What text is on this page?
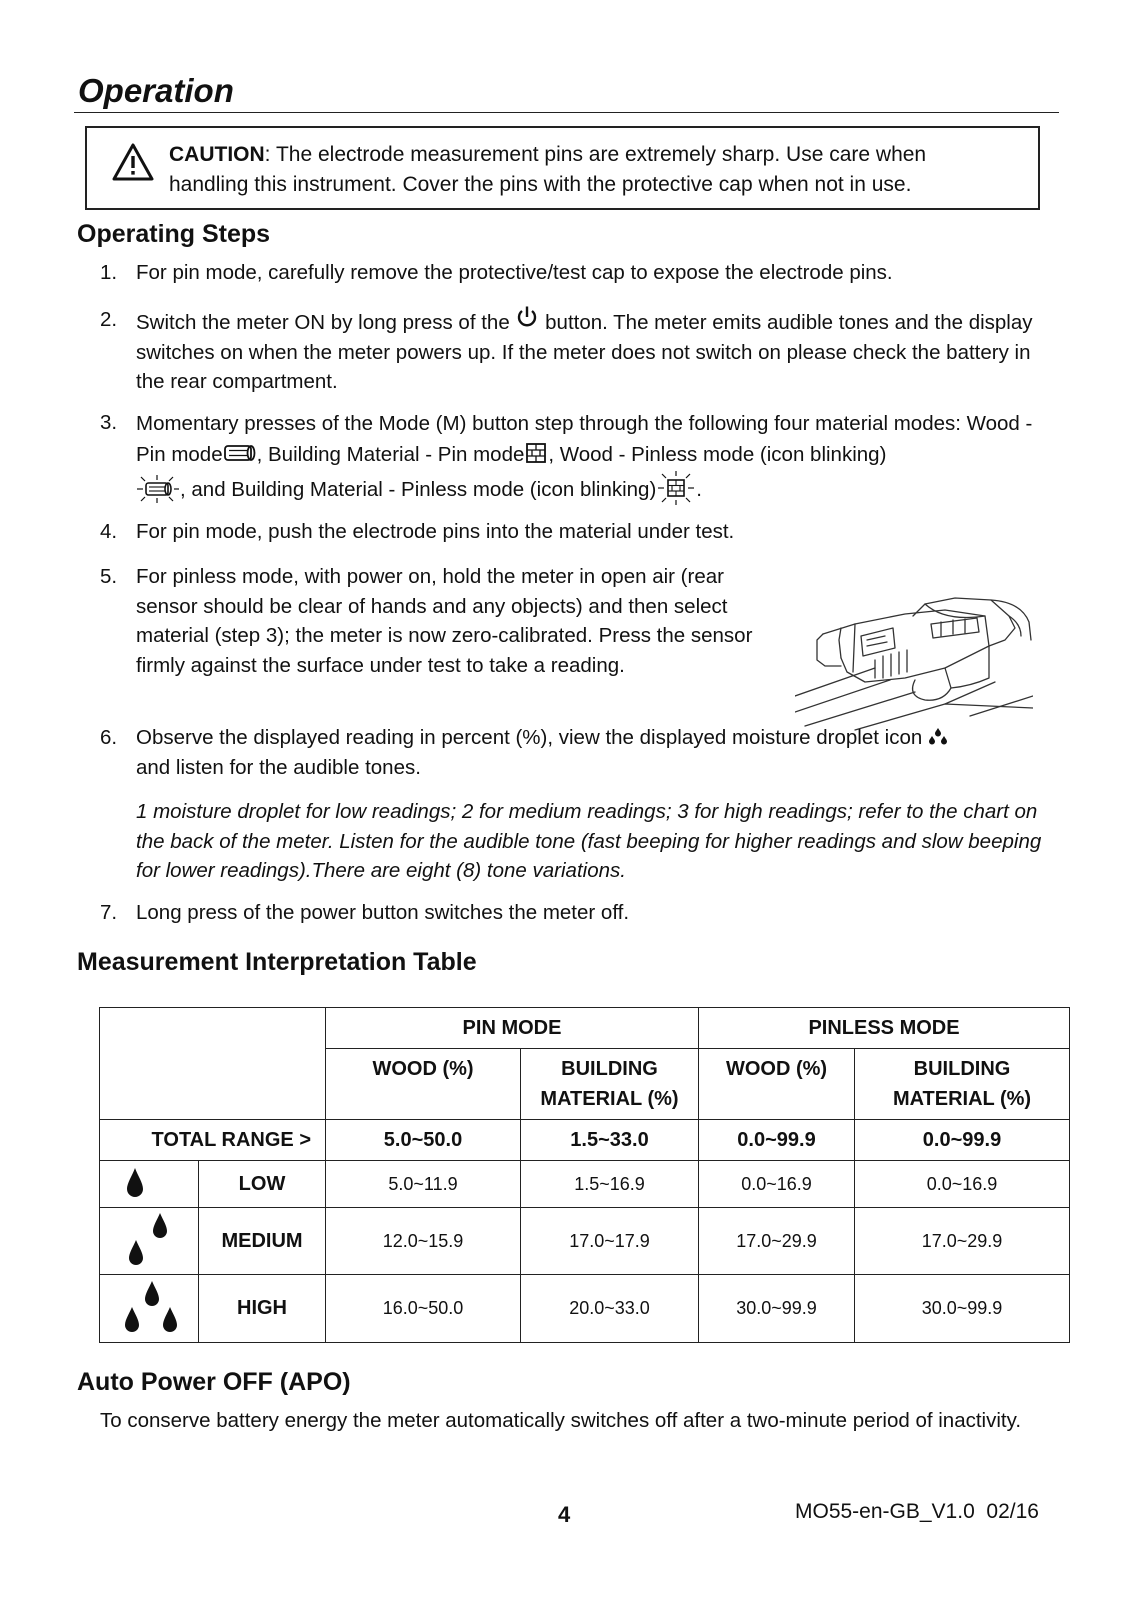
Operation
CAUTION: The electrode measurement pins are extremely sharp. Use care when
handling this instrument. Cover the pins with the protective cap when not in use.
Operating Steps
1. For pin mode, carefully remove the protective/test cap to expose the electrode pins.
2. Switch the meter ON by long press of the button. The meter emits audible tones and the display switches on when the meter powers up. If the meter does not switch on please check the battery in the rear compartment.
3. Momentary presses of the Mode (M) button step through the following four material modes: Wood - Pin mode , Building Material - Pin mode , Wood - Pinless mode (icon blinking)
, and Building Material - Pinless mode (icon blinking) .
4. For pin mode, push the electrode pins into the material under test.
5. For pinless mode, with power on, hold the meter in open air (rear sensor should be clear of hands and any objects) and then select material (step 3); the meter is now zero-calibrated. Press the sensor firmly against the surface under test to take a reading.
6. Observe the displayed reading in percent (%), view the displayed moisture droplet icon
and listen for the audible tones.
1 moisture droplet for low readings; 2 for medium readings; 3 for high readings; refer to the chart on the back of the meter. Listen for the audible tone (fast beeping for higher readings and slow beeping for lower readings).There are eight (8) tone variations.
7. Long press of the power button switches the meter off.
Measurement Interpretation Table
		PIN MODE		PINLESS MODE	
		WOOD (%)	BUILDING
MATERIAL (%)	WOOD (%)	BUILDING
MATERIAL (%)
TOTAL RANGE >		5.0~50.0	1.5~33.0	0.0~99.9	0.0~99.9

	LOW	5.0~11.9	1.5~16.9	0.0~16.9	0.0~16.9

	MEDIUM	12.0~15.9	17.0~17.9	17.0~29.9	17.0~29.9

	HIGH	16.0~50.0	20.0~33.0	30.0~99.9	30.0~99.9
Auto Power OFF (APO)
To conserve battery energy the meter automatically switches off after a two-minute period of inactivity.
4	MO55-en-GB_V1.0  02/16
